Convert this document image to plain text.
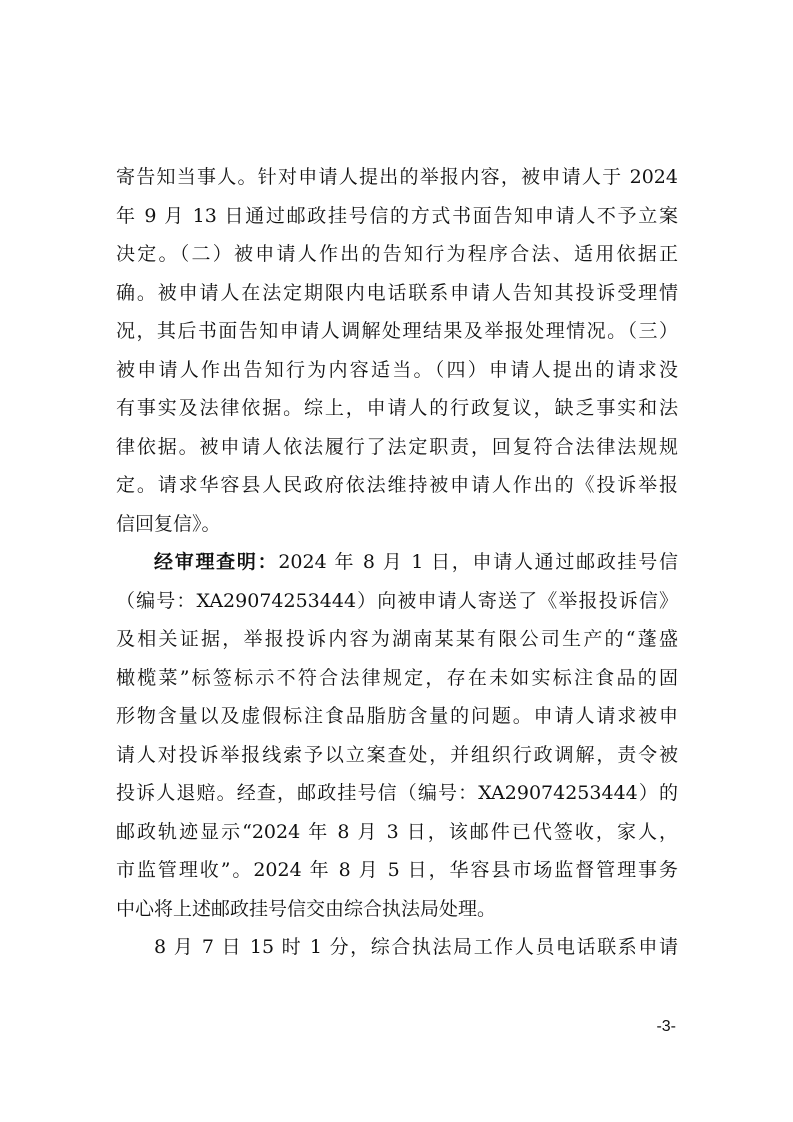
寄告知当事人。针对申请人提出的举报内容，被申请人于 2024
年 9 月 13 日通过邮政挂号信的方式书面告知申请人不予立案
决定。（二）被申请人作出的告知行为程序合法、适用依据正
确。被申请人在法定期限内电话联系申请人告知其投诉受理情
况，其后书面告知申请人调解处理结果及举报处理情况。（三）
被申请人作出告知行为内容适当。（四）申请人提出的请求没
有事实及法律依据。综上，申请人的行政复议，缺乏事实和法
律依据。被申请人依法履行了法定职责，回复符合法律法规规
定。请求华容县人民政府依法维持被申请人作出的《投诉举报
信回复信》。
经审理查明：2024 年 8 月 1 日，申请人通过邮政挂号信
（编号：XA29074253444）向被申请人寄送了《举报投诉信》
及相关证据，举报投诉内容为湖南某某有限公司生产的“蓬盛
橄榄菜”标签标示不符合法律规定，存在未如实标注食品的固
形物含量以及虚假标注食品脂肪含量的问题。申请人请求被申
请人对投诉举报线索予以立案查处，并组织行政调解，责令被
投诉人退赔。经查，邮政挂号信（编号：XA29074253444）的
邮政轨迹显示“2024 年 8 月 3 日，该邮件已代签收，家人，
市监管理收”。2024 年 8 月 5 日，华容县市场监督管理事务
中心将上述邮政挂号信交由综合执法局处理。
8 月 7 日 15 时 1 分，综合执法局工作人员电话联系申请
-3-
